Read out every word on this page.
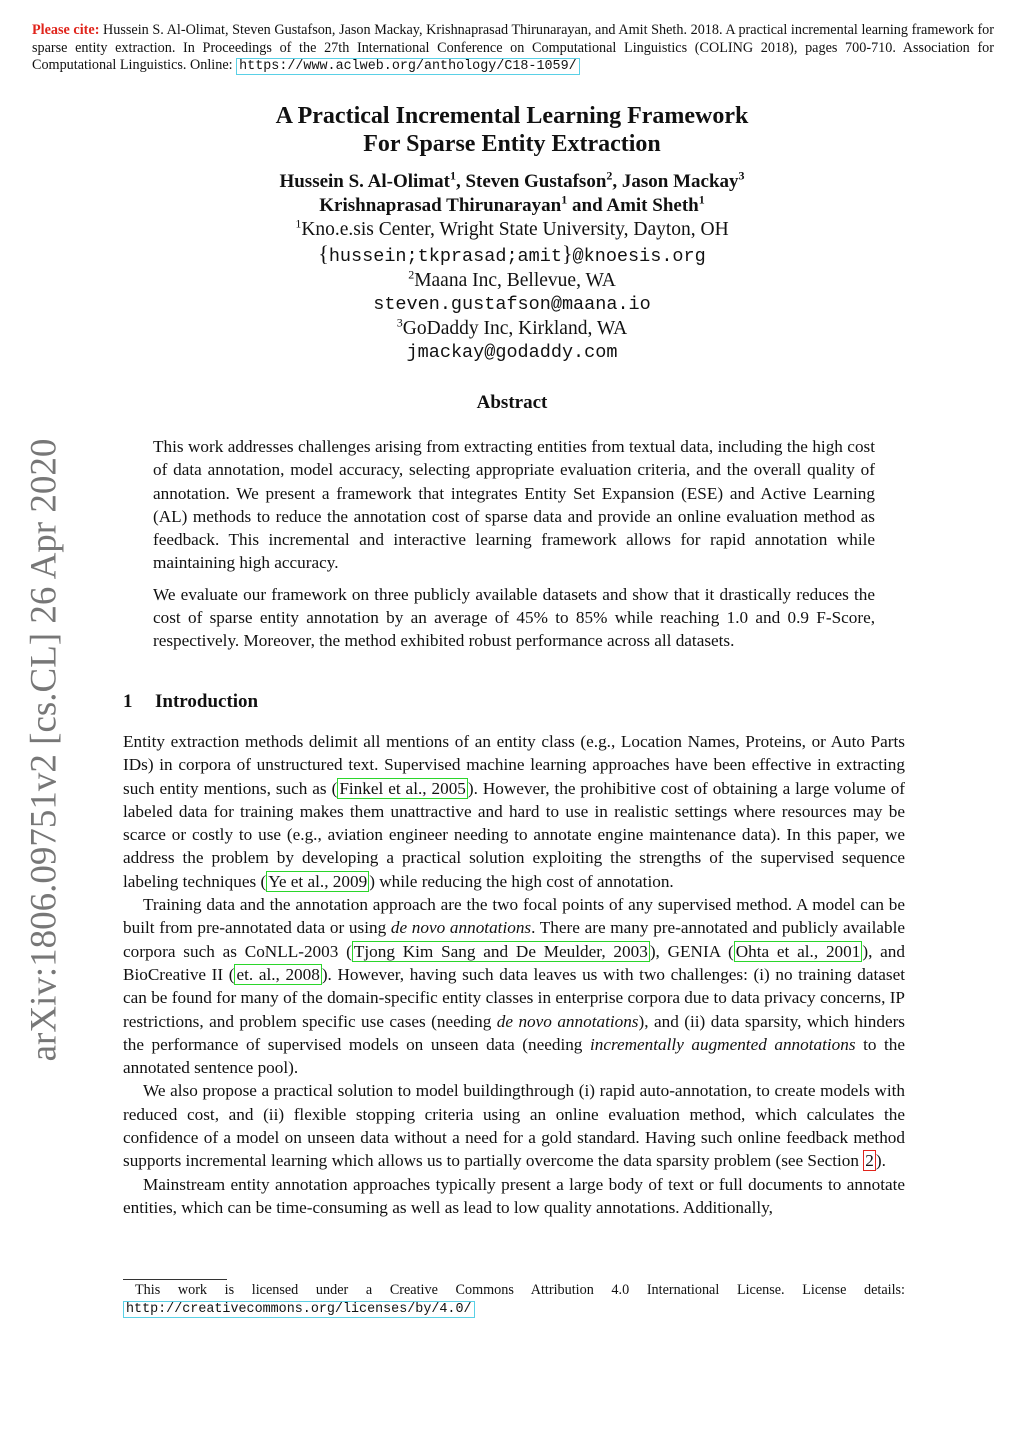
Please cite: Hussein S. Al-Olimat, Steven Gustafson, Jason Mackay, Krishnaprasad Thirunarayan, and Amit Sheth. 2018. A practical incremental learning framework for sparse entity extraction. In Proceedings of the 27th International Conference on Computational Linguistics (COLING 2018), pages 700-710. Association for Computational Linguistics. Online: https://www.aclweb.org/anthology/C18-1059/
A Practical Incremental Learning Framework
For Sparse Entity Extraction
Hussein S. Al-Olimat$^1$, Steven Gustafson$^2$, Jason Mackay$^3$
Krishnaprasad Thirunarayan$^1$ and Amit Sheth$^1$
$^1$Kno.e.sis Center, Wright State University, Dayton, OH
{hussein;tkprasad;amit}@knoesis.org
$^2$Maana Inc, Bellevue, WA
steven.gustafson@maana.io
$^3$GoDaddy Inc, Kirkland, WA
jmackay@godaddy.com
Abstract

This work addresses challenges arising from extracting entities from textual data, including the high cost of data annotation, model accuracy, selecting appropriate evaluation criteria, and the overall quality of annotation. We present a framework that integrates Entity Set Expansion (ESE) and Active Learning (AL) methods to reduce the annotation cost of sparse data and provide an online evaluation method as feedback. This incremental and interactive learning framework allows for rapid annotation while maintaining high accuracy.

We evaluate our framework on three publicly available datasets and show that it drastically reduces the cost of sparse entity annotation by an average of 45% to 85% while reaching 1.0 and 0.9 F-Score, respectively. Moreover, the method exhibited robust performance across all datasets.

arXiv:1806.09751v2 [cs.CL] 26 Apr 2020	1 Introduction

Entity extraction methods delimit all mentions of an entity class (e.g., Location Names, Proteins, or Auto Parts IDs) in corpora of unstructured text. Supervised machine learning approaches have been effective in extracting such entity mentions, such as ( Finkel et al., 2005 ). However, the prohibitive cost of obtaining a large volume of labeled data for training makes them unattractive and hard to use in realistic settings where resources may be scarce or costly to use (e.g., aviation engineer needing to annotate engine maintenance data). In this paper, we address the problem by developing a practical solution exploiting the strengths of the supervised sequence labeling techniques ( Ye et al., 2009 ) while reducing the high cost of annotation.

Training data and the annotation approach are the two focal points of any supervised method. A model can be built from pre-annotated data or using de novo annotations. There are many pre-annotated and publicly available corpora such as CoNLL-2003 ( Tjong Kim Sang and De Meulder, 2003 ), GENIA ( Ohta et al., 2001 ), and BioCreative II ( et. al., 2008 ). However, having such data leaves us with two challenges: (i) no training dataset can be found for many of the domain-specific entity classes in enterprise corpora due to data privacy concerns, IP restrictions, and problem specific use cases (needing de novo annotations), and (ii) data sparsity, which hinders the performance of supervised models on unseen data (needing incrementally augmented annotations to the annotated sentence pool).

We also propose a practical solution to model buildingthrough (i) rapid auto-annotation, to create models with reduced cost, and (ii) flexible stopping criteria using an online evaluation method, which calculates the confidence of a model on unseen data without a need for a gold standard. Having such online feedback method supports incremental learning which allows us to partially overcome the data sparsity problem (see Section 2 ).

Mainstream entity annotation approaches typically present a large body of text or full documents to annotate entities, which can be time-consuming as well as lead to low quality annotations. Additionally,

This work is licensed under a Creative Commons Attribution 4.0 International License. License details: http://creativecommons.org/licenses/by/4.0/
